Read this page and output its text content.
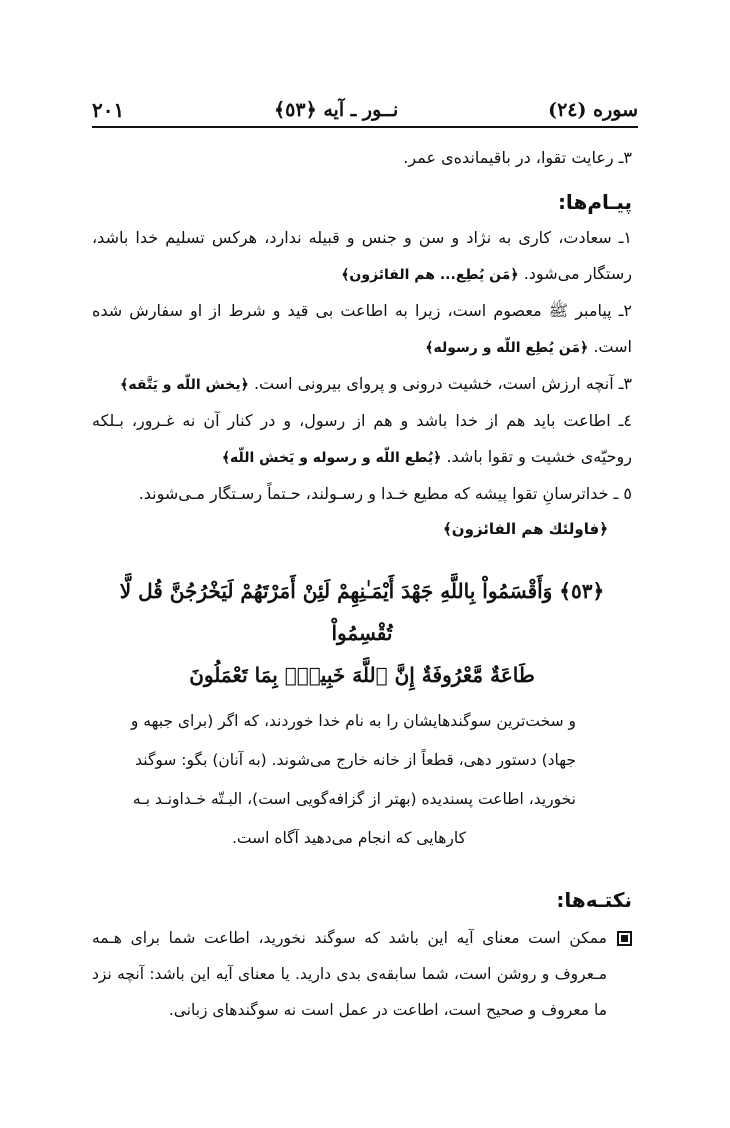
سوره (٢٤)
نــور ـ آیه ﴿٥٣﴾
٢٠١

٣ـ رعایت تقوا، در باقیمانده‌ی عمر.

پیـام‌ها:

١ـ سعادت، کاری به نژاد و سن و جنس و قبیله ندارد، هرکس تسلیم خدا باشد، رستگار می‌شود. ﴿مَن یُطِع... هم الفائزون﴾

٢ـ پیامبر ﷺ معصوم است، زیرا به اطاعت بی قید و شرط از او سفارش شده است. ﴿مَن یُطِع اللّه و رسوله﴾

٣ـ آنچه ارزش است، خشیت درونی و پروای بیرونی است. ﴿یخش اللّه و یَتَّقه﴾

٤ـ اطاعت باید هم از خدا باشد و هم از رسول، و در کنار آن نه غـرور، بـلکه روحیّه‌ی خشیت و تقوا باشد. ﴿یُطع اللّه و رسوله و یَخش اللّه﴾

٥ ـ خداترسانِ تقوا پیشه که مطیع خـدا و رسـولند، حـتماً رسـتگار مـی‌شوند.

﴿فاولئك هم الفائزون﴾
﴿٥٣﴾ وَأَقْسَمُواْ بِاللَّهِ جَهْدَ أَيْمَـٰنِهِمْ لَئِنْ أَمَرْتَهُمْ لَيَخْرُجُنَّ قُل لَّا تُقْسِمُواْ
طَاعَةٌ مَّعْرُوفَةٌ إِنَّ ٱللَّهَ خَبِيرٌۢ بِمَا تَعْمَلُونَ
و سخت‌ترین سوگندهایشان را به نام خدا خوردند، که اگر (برای جبهه و
جهاد) دستور دهی، قطعاً از خانه خارج می‌شوند. (به آنان) بگو: سوگند
نخورید، اطاعت پسندیده (بهتر از گزافه‌گویی است)، البـتّه خـداونـد بـه
کارهایی که انجام می‌دهید آگاه است.
نکتـه‌ها:
ممکن است معنای آیه این باشد که سوگند نخورید، اطاعت شما برای هـمه مـعروف و روشن است، شما سابقه‌ی بدی دارید. یا معنای آیه این باشد: آنچه نزد ما معروف و صحیح است، اطاعت در عمل است نه سوگندهای زبانی.
